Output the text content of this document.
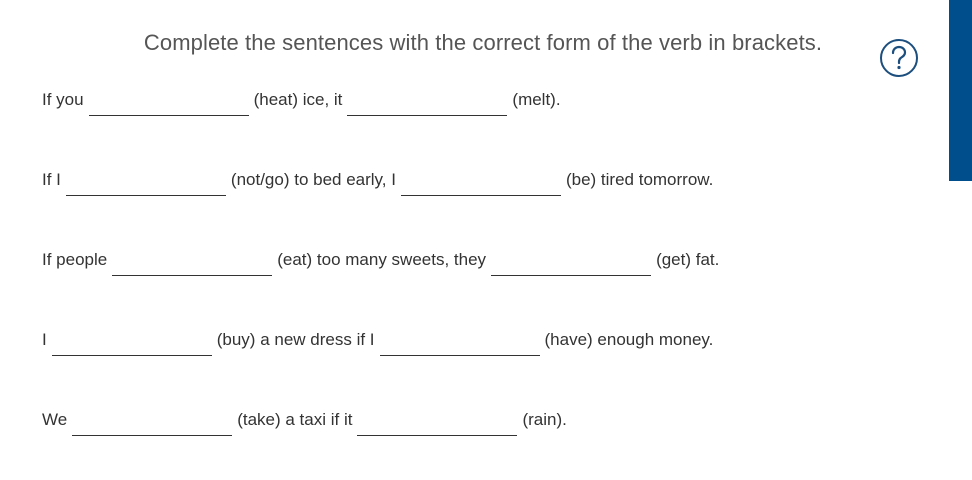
Complete the sentences with the correct form of the verb in brackets.
If you	(heat) ice, it	(melt).
If I	(not/go) to bed early, I	(be) tired tomorrow.
If people	(eat) too many sweets, they	(get) fat.
I	(buy) a new dress if I	(have) enough money.
We	(take) a taxi if it	(rain).
